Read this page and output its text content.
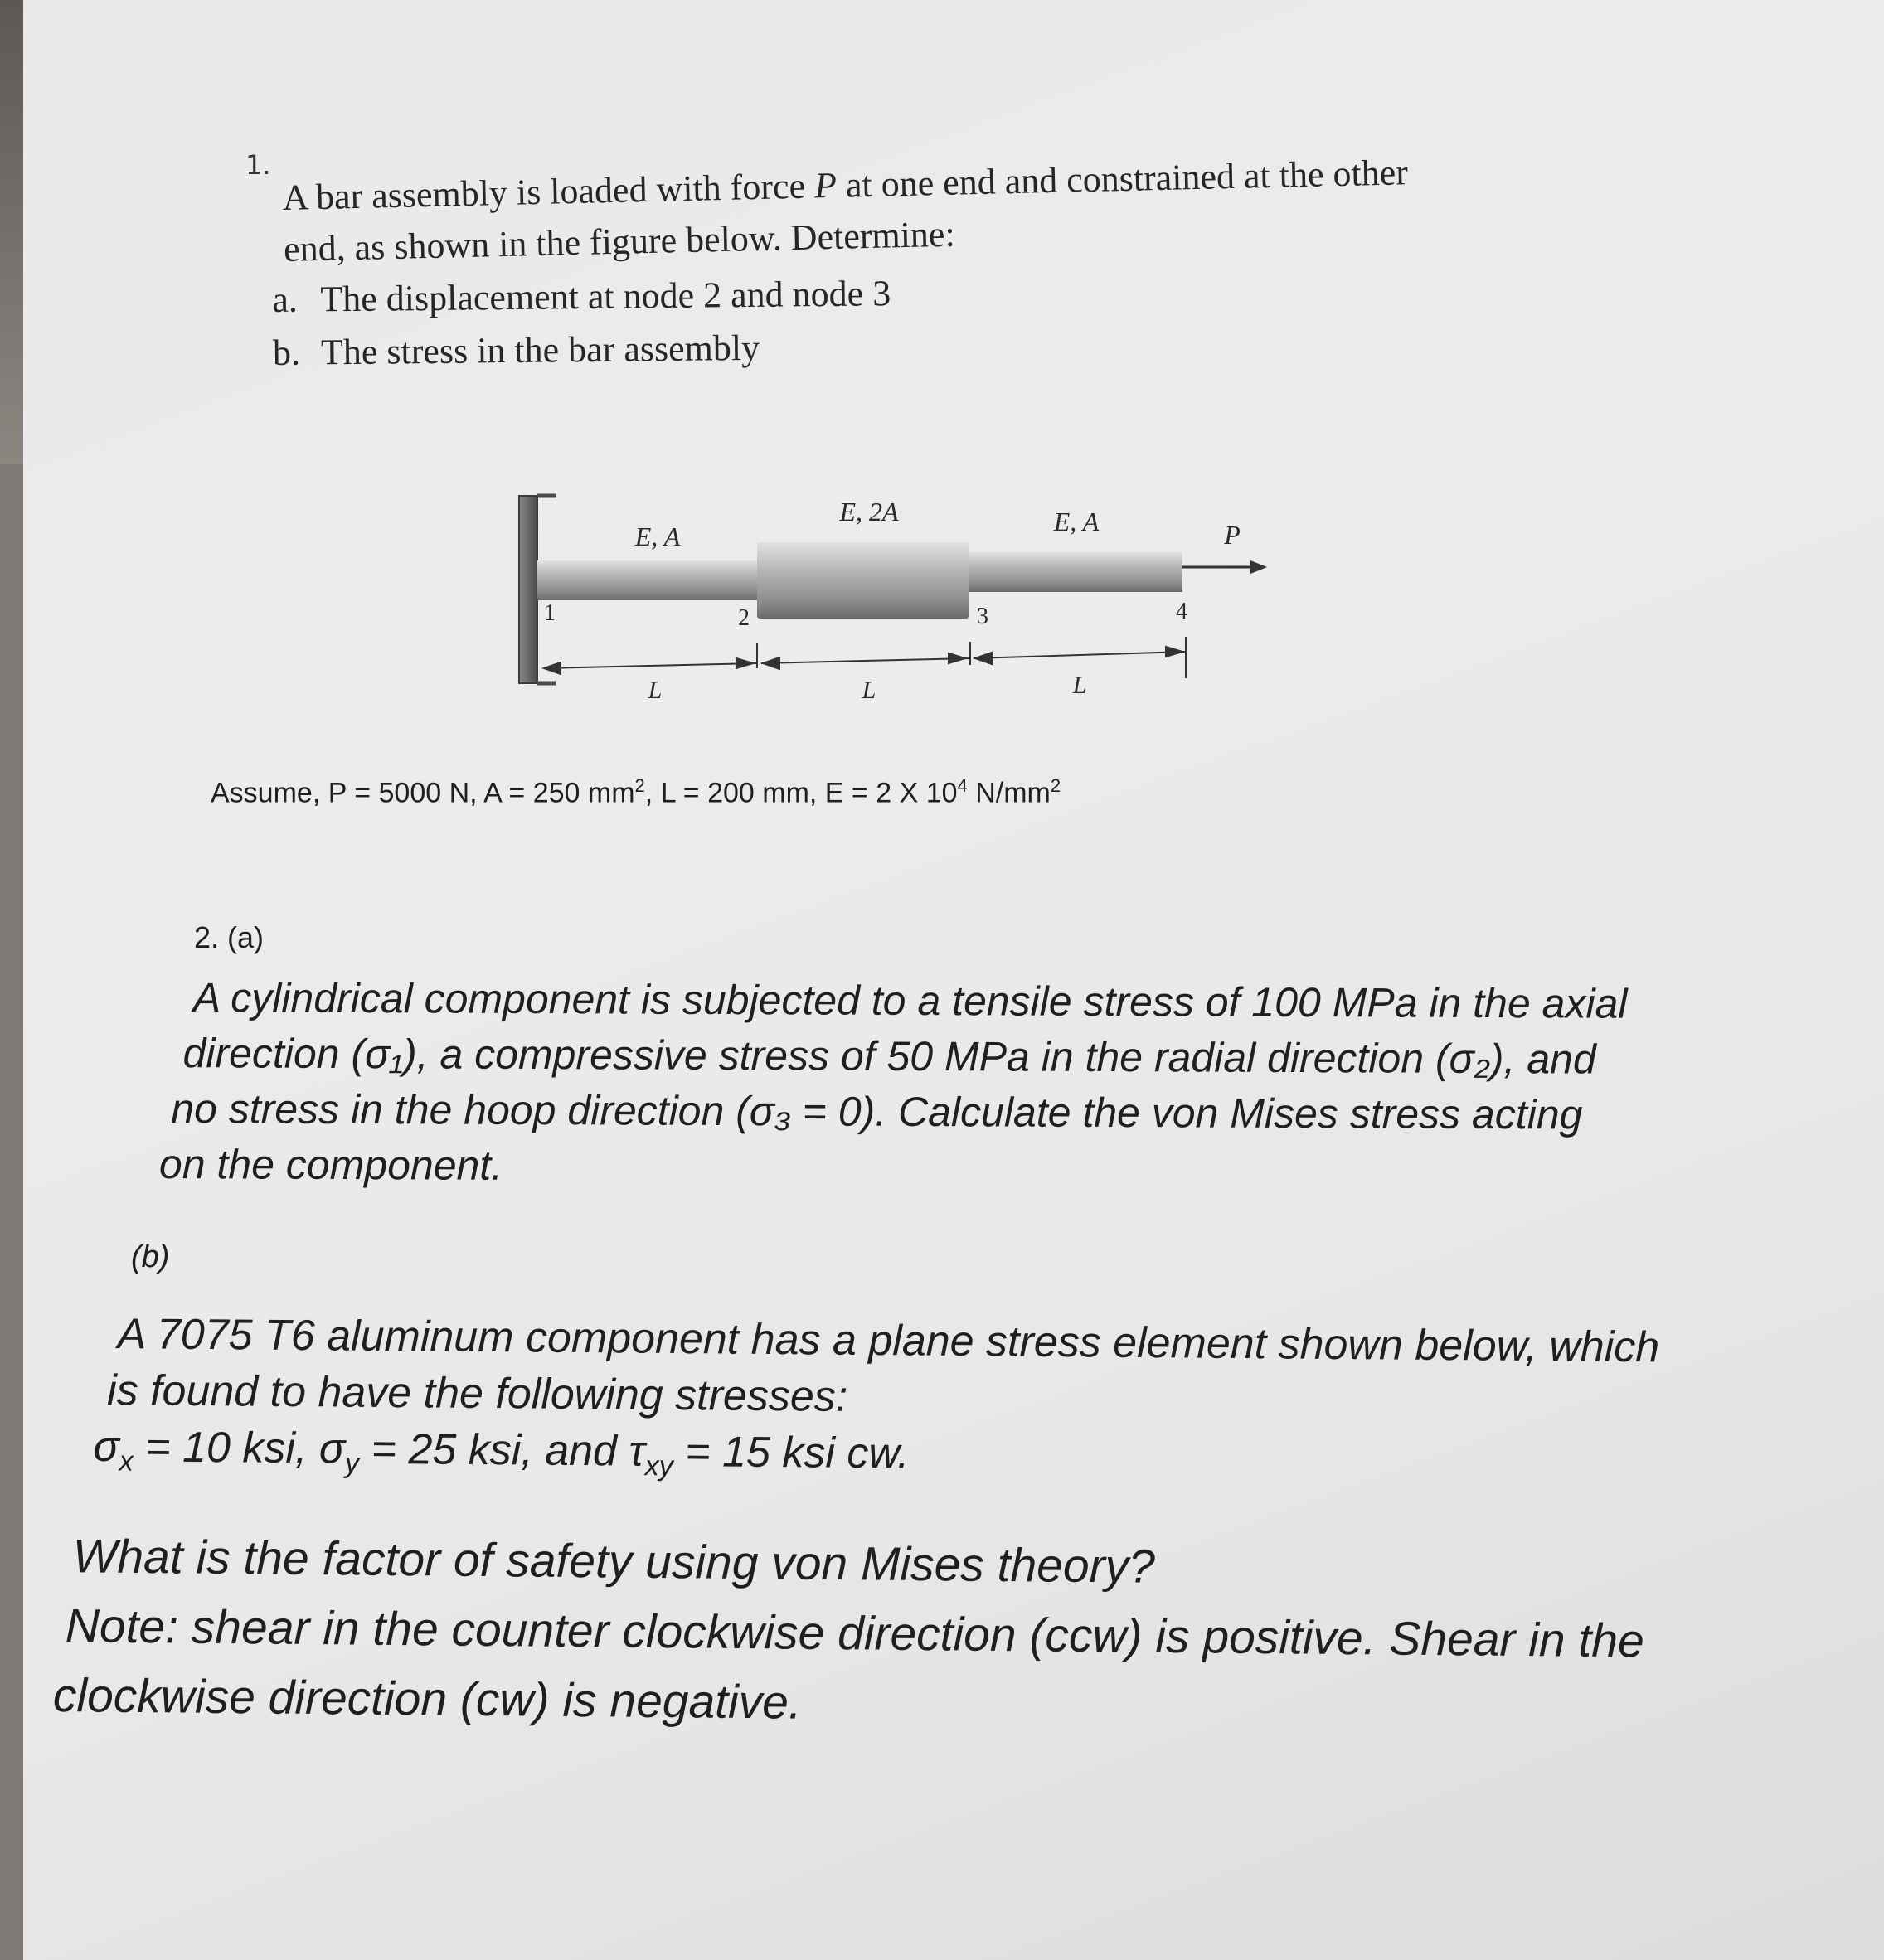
1.
A bar assembly is loaded with force P at one end and constrained at the other
end, as shown in the figure below. Determine:
a. The displacement at node 2 and node 3
b. The stress in the bar assembly
E, A
E, 2A	E, A	P
1	2	3	4
L	L	L
Assume, P = 5000 N, A = 250 $mm^2$, L = 200 mm, E = 2 X $10^4$ $N/mm^2$
2. (a)
A cylindrical component is subjected to a tensile stress of 100 MPa in the axial
direction (σ₁), a compressive stress of 50 MPa in the radial direction (σ₂), and
no stress in the hoop direction (σ₃ = 0). Calculate the von Mises stress acting
on the component.
(b)
A 7075 T6 aluminum component has a plane stress element shown below, which
is found to have the following stresses:
$\sigma_x = 10$ ksi, $\sigma_y = 25$ ksi, and $\tau_{xy} = 15$ ksi cw.
What is the factor of safety using von Mises theory?
Note: shear in the counter clockwise direction (ccw) is positive. Shear in the
clockwise direction (cw) is negative.
